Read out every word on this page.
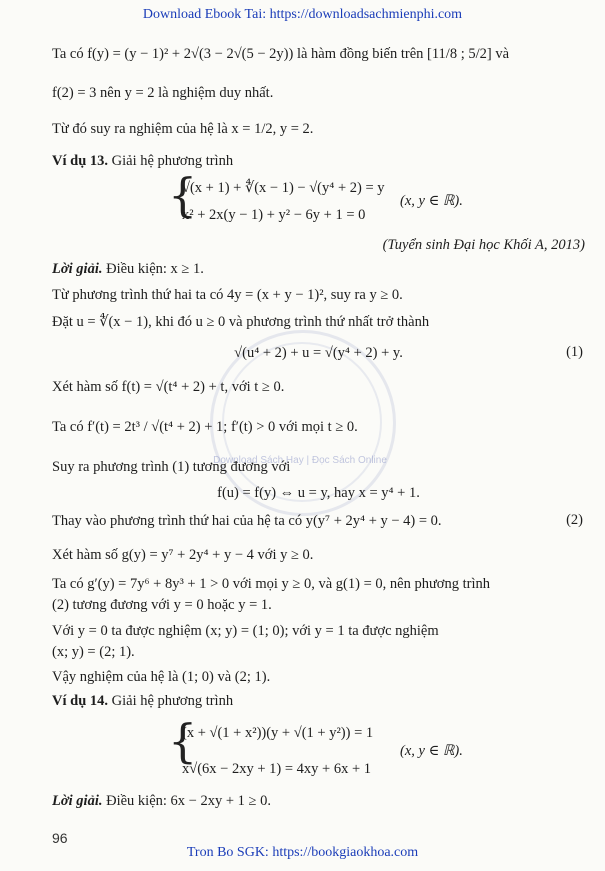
Download Ebook Tai: https://downloadsachmienphi.com
Download Sách Hay | Đọc Sách Online
Ta có f(y) = (y − 1)² + 2√(3 − 2√(5 − 2y)) là hàm đồng biến trên [11/8 ; 5/2] và
f(2) = 3 nên y = 2 là nghiệm duy nhất.
Từ đó suy ra nghiệm của hệ là x = 1/2, y = 2.
Ví dụ 13. Giải hệ phương trình
{
√(x + 1) + ∜(x − 1) − √(y⁴ + 2) = y
x² + 2x(y − 1) + y² − 6y + 1 = 0
(x, y ∈ ℝ).
(Tuyển sinh Đại học Khối A, 2013)
Lời giải. Điều kiện: x ≥ 1.
Từ phương trình thứ hai ta có 4y = (x + y − 1)², suy ra y ≥ 0.
Đặt u = ∜(x − 1), khi đó u ≥ 0 và phương trình thứ nhất trở thành
√(u⁴ + 2) + u = √(y⁴ + 2) + y.	(1)
Xét hàm số f(t) = √(t⁴ + 2) + t, với t ≥ 0.
Ta có f′(t) = 2t³ / √(t⁴ + 2) + 1; f′(t) > 0 với mọi t ≥ 0.
Suy ra phương trình (1) tương đương với
f(u) = f(y) ⇔ u = y, hay x = y⁴ + 1.
Thay vào phương trình thứ hai của hệ ta có y(y⁷ + 2y⁴ + y − 4) = 0.	(2)
Xét hàm số g(y) = y⁷ + 2y⁴ + y − 4 với y ≥ 0.
Ta có g′(y) = 7y⁶ + 8y³ + 1 > 0 với mọi y ≥ 0, và g(1) = 0, nên phương trình
(2) tương đương với y = 0 hoặc y = 1.
Với y = 0 ta được nghiệm (x; y) = (1; 0); với y = 1 ta được nghiệm
(x; y) = (2; 1).
Vậy nghiệm của hệ là (1; 0) và (2; 1).
Ví dụ 14. Giải hệ phương trình
{
(x + √(1 + x²))(y + √(1 + y²)) = 1
x√(6x − 2xy + 1) = 4xy + 6x + 1
(x, y ∈ ℝ).
Lời giải. Điều kiện: 6x − 2xy + 1 ≥ 0.
96
Tron Bo SGK: https://bookgiaokhoa.com
